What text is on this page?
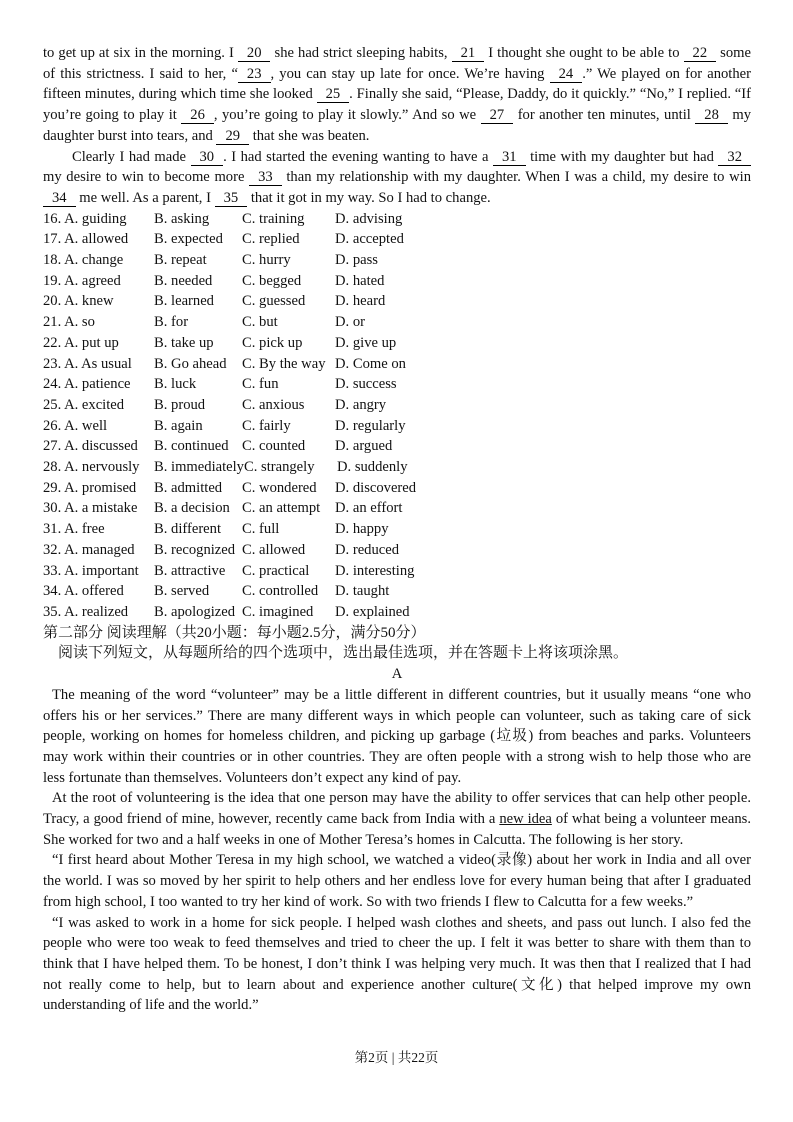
to get up at six in the morning. I 20 she had strict sleeping habits, 21 I thought she ought to be able to 22 some of this strictness. I said to her, “ 23 , you can stay up late for once. We’re having 24 .” We played on for another fifteen minutes, during which time she looked 25 . Finally she said, “Please, Daddy, do it quickly.” “No,” I replied. “If you’re going to play it 26 , you’re going to play it slowly.” And so we 27 for another ten minutes, until 28 my daughter burst into tears, and 29 that she was beaten.
Clearly I had made 30 . I had started the evening wanting to have a 31 time with my daughter but had 32 my desire to win to become more 33 than my relationship with my daughter. When I was a child, my desire to win 34 me well. As a parent, I 35 that it got in my way. So I had to change.
16. A. guiding B. asking C. training D. advising
17. A. allowed B. expected C. replied D. accepted
18. A. change B. repeat C. hurry	D. pass
19. A. agreed B. needed C. begged D. hated
20. A. knew	B. learned C. guessed D. heard
21. A. so	B. for	C. but	D. or
22. A. put up B. take up C. pick up D. give up
23. A. As usual B. Go ahead C. By the way D. Come on
24. A. patience B. luck	C. fun	D. success
25. A. excited B. proud	C. anxious D. angry
26. A. well	B. again	C. fairly	D. regularly
27. A. discussed B. continued C. counted D. argued
28. A. nervously B. immediatelyC. strangely D. suddenly
29. A. promised B. admitted C. wondered D. discovered
30. A. a mistake B. a decision C. an attempt D. an effort
31. A. free	B. different C. full	D. happy
32. A. managed B. recognized C. allowed D. reduced
33. A. important B. attractive C. practical D. interesting
34. A. offered B. served C. controlled D. taught
35. A. realized B. apologized C. imagined D. explained
第二部分 阅读理解（共20小题：每小题2.5分，满分50分）
阅读下列短文，从每题所给的四个选项中，选出最佳选项，并在答题卡上将该项涂黑。
A
The meaning of the word “volunteer” may be a little different in different countries, but it usually means “one who offers his or her services.” There are many different ways in which people can volunteer, such as taking care of sick people, working on homes for homeless children, and picking up garbage (垃圾) from beaches and parks. Volunteers may work within their countries or in other countries. They are often people with a strong wish to help those who are less fortunate than themselves. Volunteers don’t expect any kind of pay.
At the root of volunteering is the idea that one person may have the ability to offer services that can help other people. Tracy, a good friend of mine, however, recently came back from India with a new idea of what being a volunteer means. She worked for two and a half weeks in one of Mother Teresa’s homes in Calcutta. The following is her story.
“I first heard about Mother Teresa in my high school, we watched a video(录像) about her work in India and all over the world. I was so moved by her spirit to help others and her endless love for every human being that after I graduated from high school, I too wanted to try her kind of work. So with two friends I flew to Calcutta for a few weeks.”
“I was asked to work in a home for sick people. I helped wash clothes and sheets, and pass out lunch. I also fed the people who were too weak to feed themselves and tried to cheer the up. I felt it was better to share with them than to think that I have helped them. To be honest, I don’t think I was helping very much. It was then that I realized that I had not really come to help, but to learn about and experience another culture(文化) that helped improve my own understanding of life and the world.”
第2页 | 共22页
